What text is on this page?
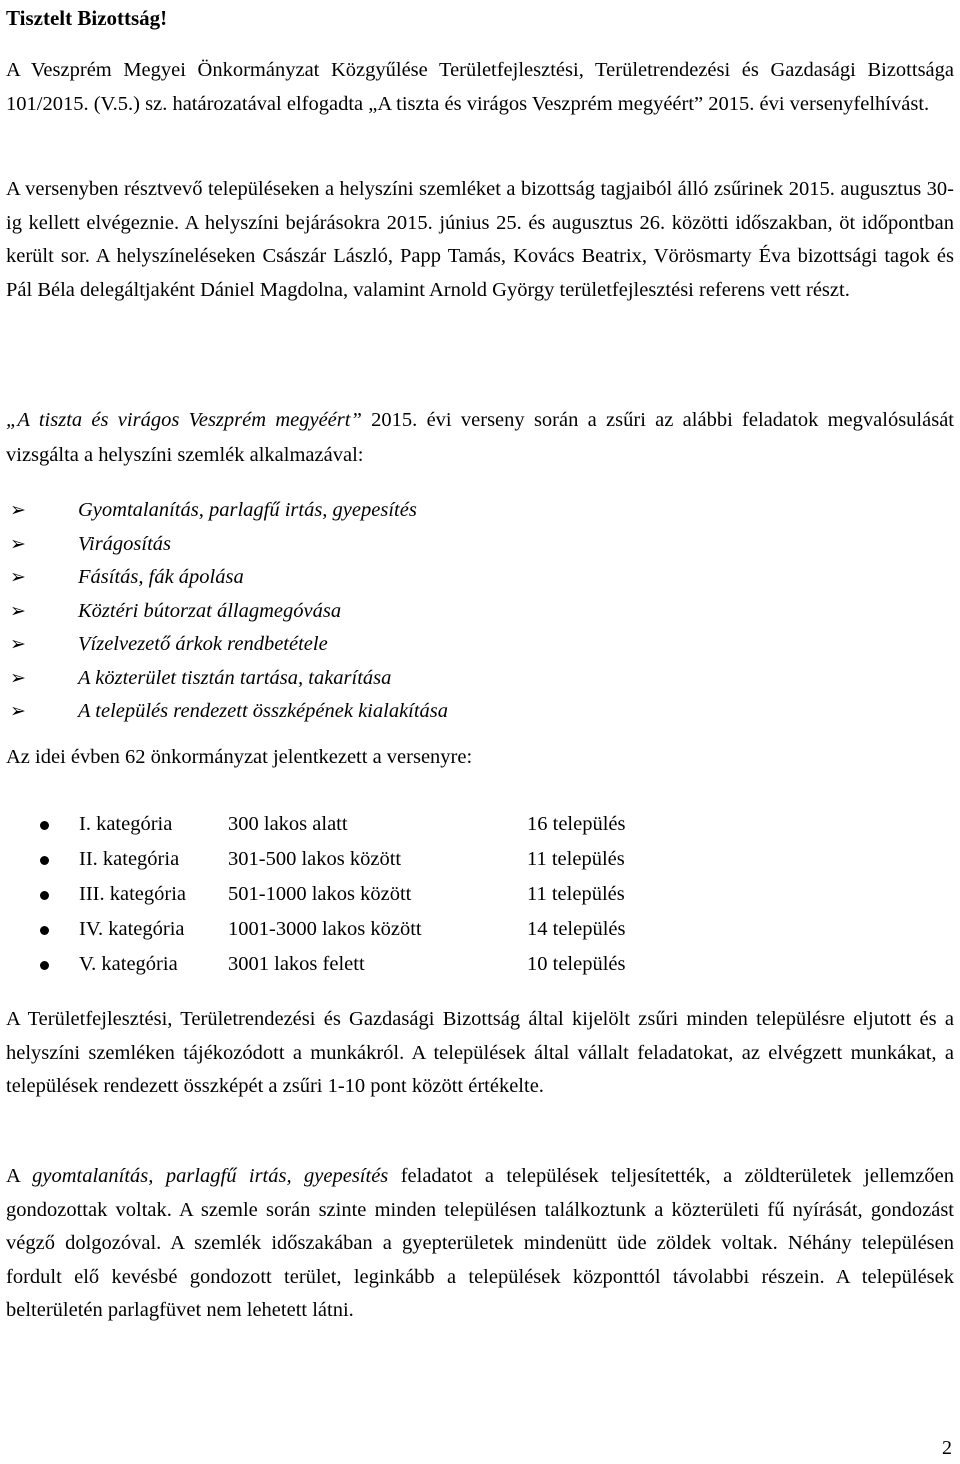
Tisztelt Bizottság!

A Veszprém Megyei Önkormányzat Közgyűlése Területfejlesztési, Területrendezési és Gazdasági Bizottsága 101/2015. (V.5.) sz. határozatával elfogadta „A tiszta és virágos Veszprém megyéért” 2015. évi versenyfelhívást.

A versenyben résztvevő településeken a helyszíni szemléket a bizottság tagjaiból álló zsűrinek 2015. augusztus 30-ig kellett elvégeznie. A helyszíni bejárásokra 2015. június 25. és augusztus 26. közötti időszakban, öt időpontban került sor. A helyszíneléseken Császár László, Papp Tamás, Kovács Beatrix, Vörösmarty Éva bizottsági tagok és Pál Béla delegáltjaként Dániel Magdolna, valamint Arnold György területfejlesztési referens vett részt.

„A tiszta és virágos Veszprém megyéért” 2015. évi verseny során a zsűri az alábbi feladatok megvalósulását vizsgálta a helyszíni szemlék alkalmazával:

➢	Gyomtalanítás, parlagfű irtás, gyepesítés
➢	Virágosítás
➢	Fásítás, fák ápolása
➢	Köztéri bútorzat állagmegóvása
➢	Vízelvezető árkok rendbetétele
➢	A közterület tisztán tartása, takarítása
➢	A település rendezett összképének kialakítása

Az idei évben 62 önkormányzat jelentkezett a versenyre:

I. kategória	300 lakos alatt	16 település
II. kategória 301-500 lakos között	11 település
III. kategória 501-1000 lakos között	11 település
IV. kategória 1001-3000 lakos között	14 település
V. kategória 3001 lakos felett	10 település

A Területfejlesztési, Területrendezési és Gazdasági Bizottság által kijelölt zsűri minden településre eljutott és a helyszíni szemléken tájékozódott a munkákról. A települések által vállalt feladatokat, az elvégzett munkákat, a települések rendezett összképét a zsűri 1-10 pont között értékelte.

A gyomtalanítás, parlagfű irtás, gyepesítés feladatot a települések teljesítették, a zöldterületek jellemzően gondozottak voltak. A szemle során szinte minden településen találkoztunk a közterületi fű nyírását, gondozást végző dolgozóval. A szemlék időszakában a gyepterületek mindenütt üde zöldek voltak. Néhány településen fordult elő kevésbé gondozott terület, leginkább a települések központtól távolabbi részein. A települések belterületén parlagfüvet nem lehetett látni.

2
